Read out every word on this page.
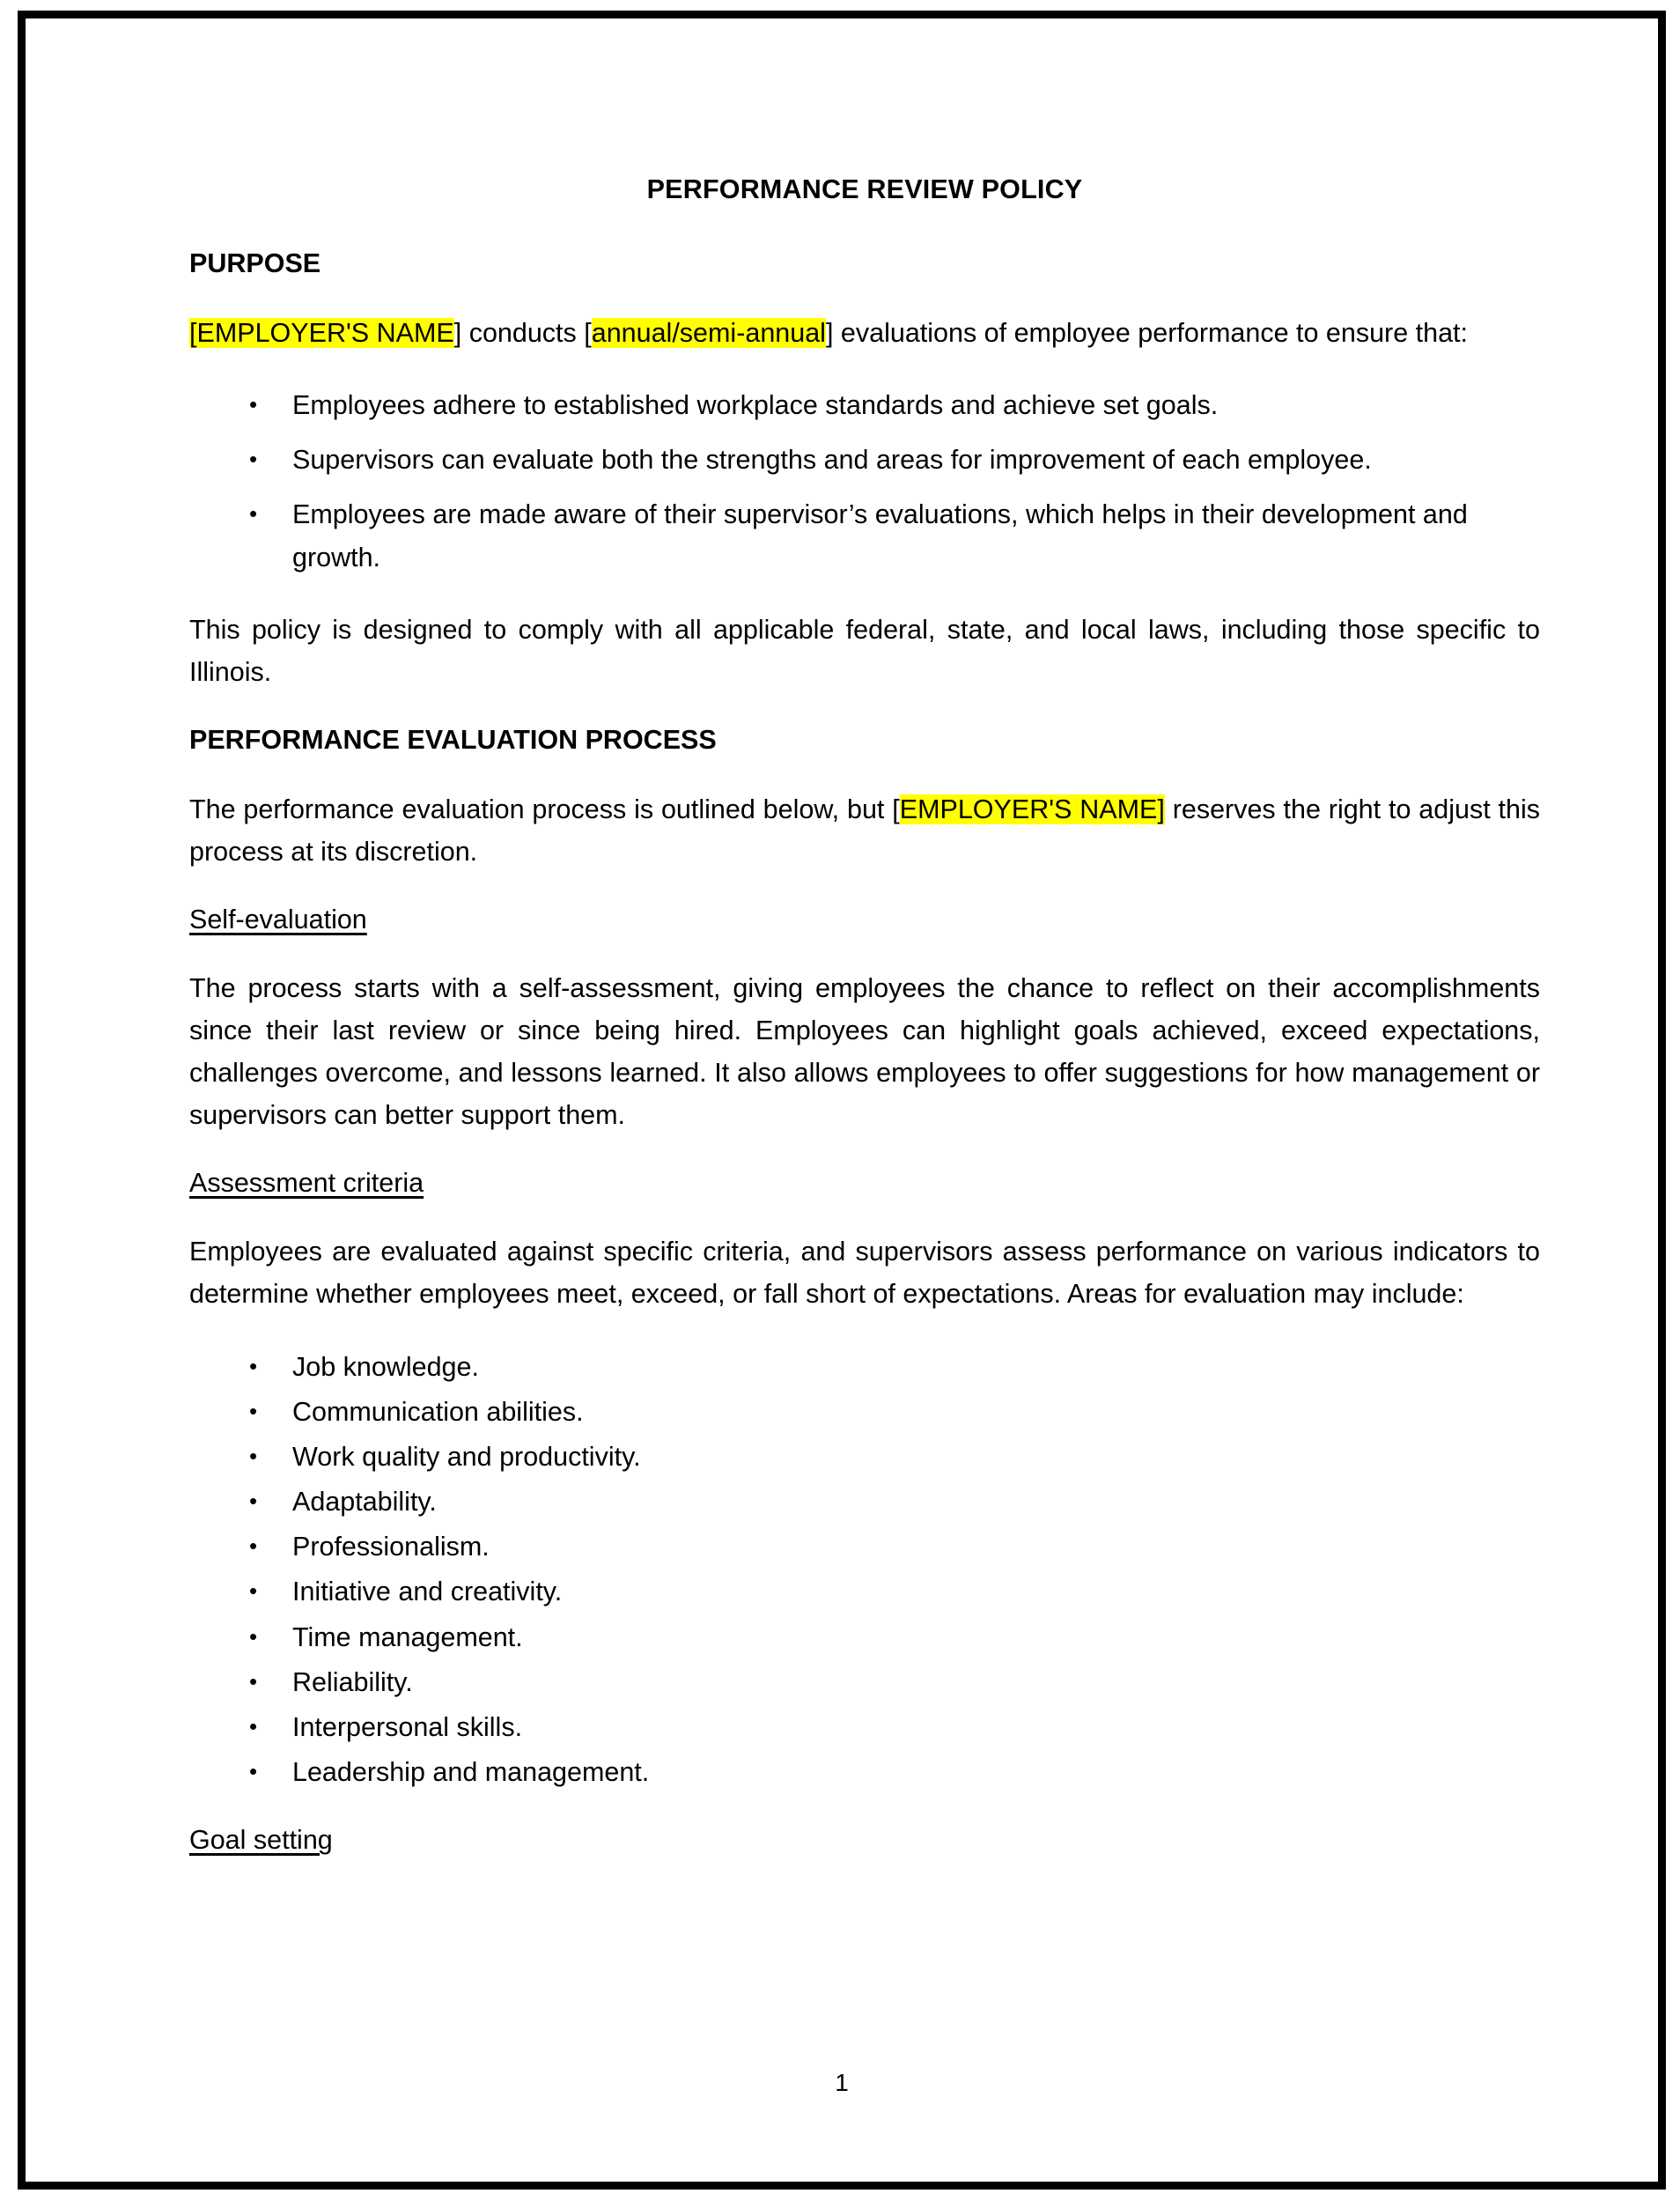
PERFORMANCE REVIEW POLICY
PURPOSE

[EMPLOYER'S NAME] conducts [annual/semi-annual] evaluations of employee performance to ensure that:

• Employees adhere to established workplace standards and achieve set goals.
• Supervisors can evaluate both the strengths and areas for improvement of each employee.
• Employees are made aware of their supervisor’s evaluations, which helps in their development and growth.

This policy is designed to comply with all applicable federal, state, and local laws, including those specific to Illinois.

PERFORMANCE EVALUATION PROCESS

The performance evaluation process is outlined below, but [EMPLOYER'S NAME] reserves the right to adjust this process at its discretion.

Self-evaluation

The process starts with a self-assessment, giving employees the chance to reflect on their accomplishments since their last review or since being hired. Employees can highlight goals achieved, exceed expectations, challenges overcome, and lessons learned. It also allows employees to offer suggestions for how management or supervisors can better support them.

Assessment criteria

Employees are evaluated against specific criteria, and supervisors assess performance on various indicators to determine whether employees meet, exceed, or fall short of expectations. Areas for evaluation may include:

• Job knowledge.
• Communication abilities.
• Work quality and productivity.
• Adaptability.
• Professionalism.
• Initiative and creativity.
• Time management.
• Reliability.
• Interpersonal skills.
• Leadership and management.
Goal setting
1
